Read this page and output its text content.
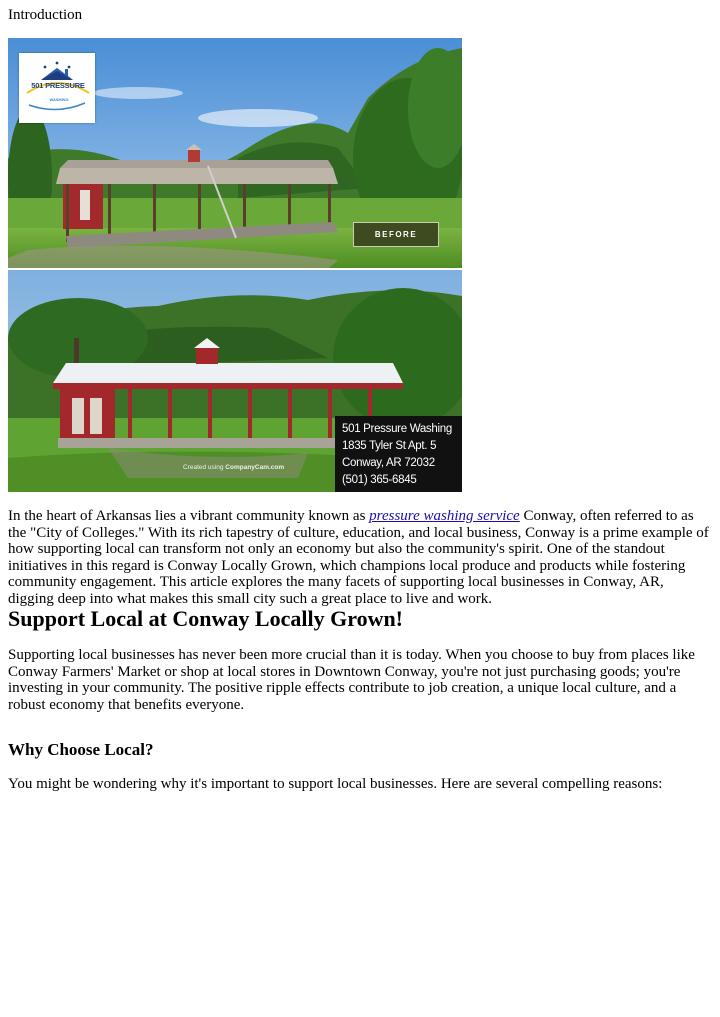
Introduction

501 PRESSURE
WASHING
BEFORE
Created using CompanyCam.com
501 Pressure Washing
1835 Tyler St Apt. 5
Conway, AR 72032
(501) 365-6845

In the heart of Arkansas lies a vibrant community known as pressure washing service Conway, often referred to as the "City of Colleges." With its rich tapestry of culture, education, and local business, Conway is a prime example of how supporting local can transform not only an economy but also the community's spirit. One of the standout initiatives in this regard is Conway Locally Grown, which champions local produce and products while fostering community engagement. This article explores the many facets of supporting local businesses in Conway, AR, digging deep into what makes this small city such a great place to live and work.

Support Local at Conway Locally Grown!

Supporting local businesses has never been more crucial than it is today. When you choose to buy from places like Conway Farmers' Market or shop at local stores in Downtown Conway, you're not just purchasing goods; you're investing in your community. The positive ripple effects contribute to job creation, a unique local culture, and a robust economy that benefits everyone.

Why Choose Local?

You might be wondering why it's important to support local businesses. Here are several compelling reasons:
